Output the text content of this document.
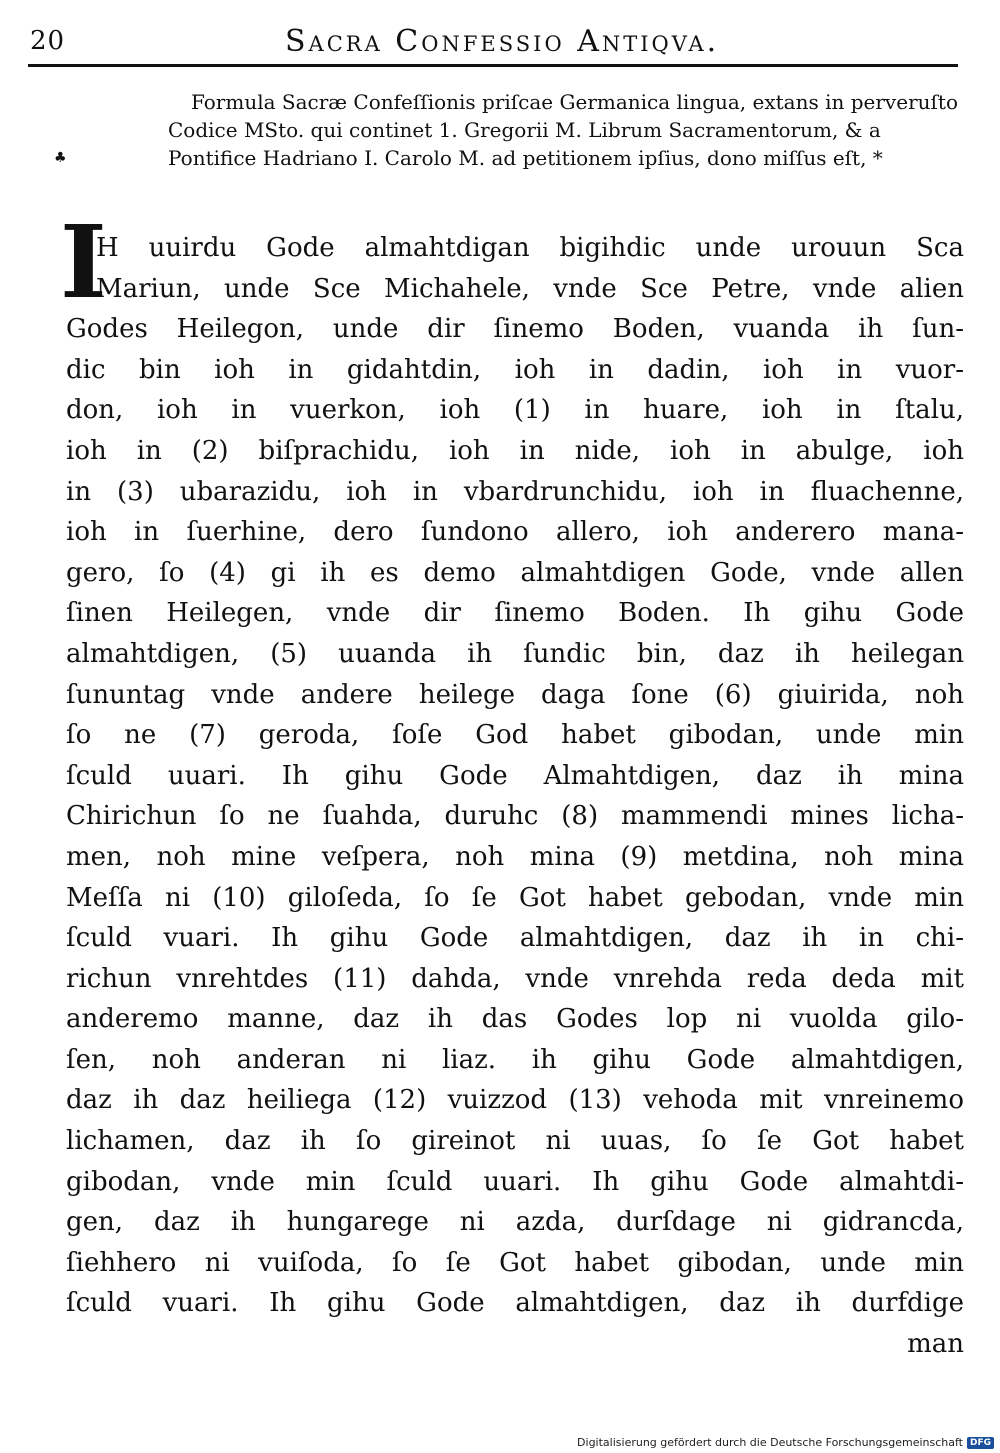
20	Sacra Confessio Antiqva.
♣
Formula Sacræ Confeſſionis priſcae Germanica lingua, extans in perveruſto
Codice MSto. qui continet 1. Gregorii M. Librum Sacramentorum, & a
Pontifice Hadriano I. Carolo M. ad petitionem ipſius, dono miſſus eſt, *
I
H uuirdu Gode almahtdigan bigihdic unde urouun Sca
Mariun, unde Sce Michahele, vnde Sce Petre, vnde alien
Godes Heilegon, unde dir ſinemo Boden, vuanda ih ſun-
dic bin ioh in gidahtdin, ioh in dadin, ioh in vuor-
don, ioh in vuerkon, ioh (1) in huare, ioh in ſtalu,
ioh in (2) biſprachidu, ioh in nide, ioh in abulge, ioh
in (3) ubarazidu, ioh in vbardrunchidu, ioh in fluachenne,
ioh in ſuerhine, dero ſundono allero, ioh andererο mana-
gero, ſo (4) gi ih es demo almahtdigen Gode, vnde allen
ſinen Heilegen, vnde dir ſinemo Boden. Ih gihu Gode
almahtdigen, (5) uuanda ih ſundic bin, daz ih heilegan
ſununtag vnde andere heilege daga ſone (6) giuirida, noh
ſo ne (7) geroda, ſoſe God habet gibodan, unde min
ſculd uuari. Ih gihu Gode Almahtdigen, daz ih mina
Chirichun ſo ne ſuahda, duruhc (8) mammendi mines licha-
men, noh mine veſpera, noh mina (9) metdina, noh mina
Meſſa ni (10) giloſeda, ſo ſe Got habet gebodan, vnde min
ſculd vuari. Ih gihu Gode almahtdigen, daz ih in chi-
richun vnrehtdes (11) dahda, vnde vnrehda reda deda mit
anderemo manne, daz ih das Godes lop ni vuolda gilo-
ſen, noh anderan ni liaz. ih gihu Gode almahtdigen,
daz ih daz heiliega (12) vuizzod (13) vehoda mit vnreinemo
lichamen, daz ih ſo gireinot ni uuas, ſo ſe Got habet
gibodan, vnde min ſculd uuari. Ih gihu Gode almahtdi-
gen, daz ih hungarege ni azda, durſdage ni gidrancda,
ſiehhero ni vuiſoda, ſo ſe Got habet gibodan, unde min
ſculd vuari. Ih gihu Gode almahtdigen, daz ih durfdige
man
Digitalisierung gefördert durch die Deutsche Forschungsgemeinschaft DFG
